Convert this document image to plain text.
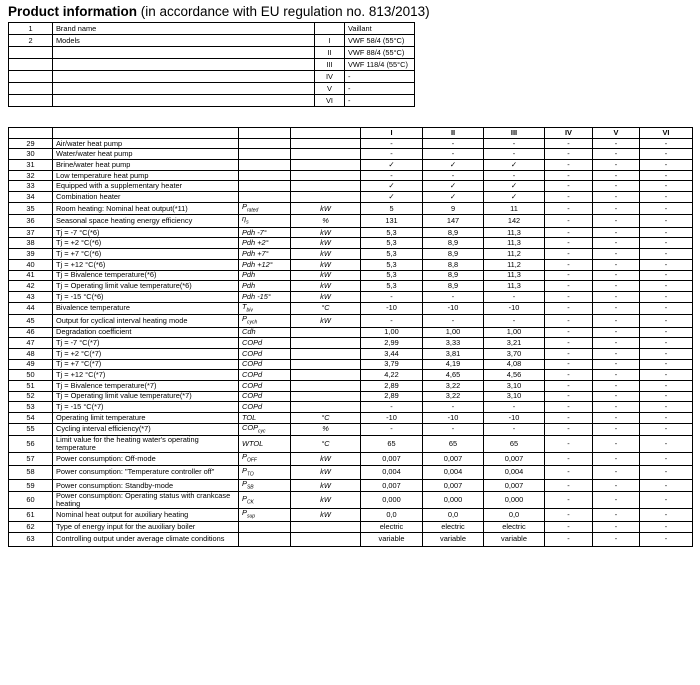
Product information (in accordance with EU regulation no. 813/2013)
1	Brand name		Vaillant
2	Models	I	VWF 58/4 (55°C)
		II	VWF 88/4 (55°C)
		III	VWF 118/4 (55°C)
		IV	-
		V	-
		VI	-
				I	II	III	IV	V	VI
29	Air/water heat pump			-	-	-	-	-	-
30	Water/water heat pump			-	-	-	-	-	-
31	Brine/water heat pump			✓	✓	✓	-	-	-
32	Low temperature heat pump			-	-	-	-	-	-
33	Equipped with a supplementary heater			✓	✓	✓	-	-	-
34	Combination heater			✓	✓	✓	-	-	-
35	Room heating: Nominal heat output(*11)	$P_{rated}$	kW	5	9	11	-	-	-
36	Seasonal space heating energy efficiency	$\eta_s$	%	131	147	142	-	-	-
37	Tj = -7 °C(*6)	Pdh -7°	kW	5,3	8,9	11,3	-	-	-
38	Tj = +2 °C(*6)	Pdh +2°	kW	5,3	8,9	11,3	-	-	-
39	Tj = +7 °C(*6)	Pdh +7°	kW	5,3	8,9	11,2	-	-	-
40	Tj = +12 °C(*6)	Pdh +12°	kW	5,3	8,8	11,2	-	-	-
41	Tj = Bivalence temperature(*6)	Pdh	kW	5,3	8,9	11,3	-	-	-
42	Tj = Operating limit value temperature(*6)	Pdh	kW	5,3	8,9	11,3	-	-	-
43	Tj = -15 °C(*6)	Pdh -15°	kW	-	-	-	-	-	-
44	Bivalence temperature	$T_{biv}$	°C	-10	-10	-10	-	-	-
45	Output for cyclical interval heating mode	$P_{cych}$	kW	-	-	-	-	-	-
46	Degradation coefficient	Cdh		1,00	1,00	1,00	-	-	-
47	Tj = -7 °C(*7)	COPd		2,99	3,33	3,21	-	-	-
48	Tj = +2 °C(*7)	COPd		3,44	3,81	3,70	-	-	-
49	Tj = +7 °C(*7)	COPd		3,79	4,19	4,08	-	-	-
50	Tj = +12 °C(*7)	COPd		4,22	4,65	4,56	-	-	-
51	Tj = Bivalence temperature(*7)	COPd		2,89	3,22	3,10	-	-	-
52	Tj = Operating limit value temperature(*7)	COPd		2,89	3,22	3,10	-	-	-
53	Tj = -15 °C(*7)	COPd		-	-	-	-	-	-
54	Operating limit temperature	TOL	°C	-10	-10	-10	-	-	-
55	Cycling interval efficiency(*7)	$COP_{cyc}$	%	-	-	-	-	-	-
56	Limit value for the heating water's operating temperature	WTOL	°C	65	65	65	-	-	-
57	Power consumption: Off-mode	$P_{OFF}$	kW	0,007	0,007	0,007	-	-	-
58	Power consumption: "Temperature controller off"	$P_{TO}$	kW	0,004	0,004	0,004	-	-	-
59	Power consumption: Standby-mode	$P_{SB}$	kW	0,007	0,007	0,007	-	-	-
60	Power consumption: Operating status with crankcase heating	$P_{CK}$	kW	0,000	0,000	0,000	-	-	-
61	Nominal heat output for auxiliary heating	$P_{sup}$	kW	0,0	0,0	0,0	-	-	-
62	Type of energy input for the auxiliary boiler			electric	electric	electric	-	-	-
63	Controlling output under average climate conditions			variable	variable	variable	-	-	-
